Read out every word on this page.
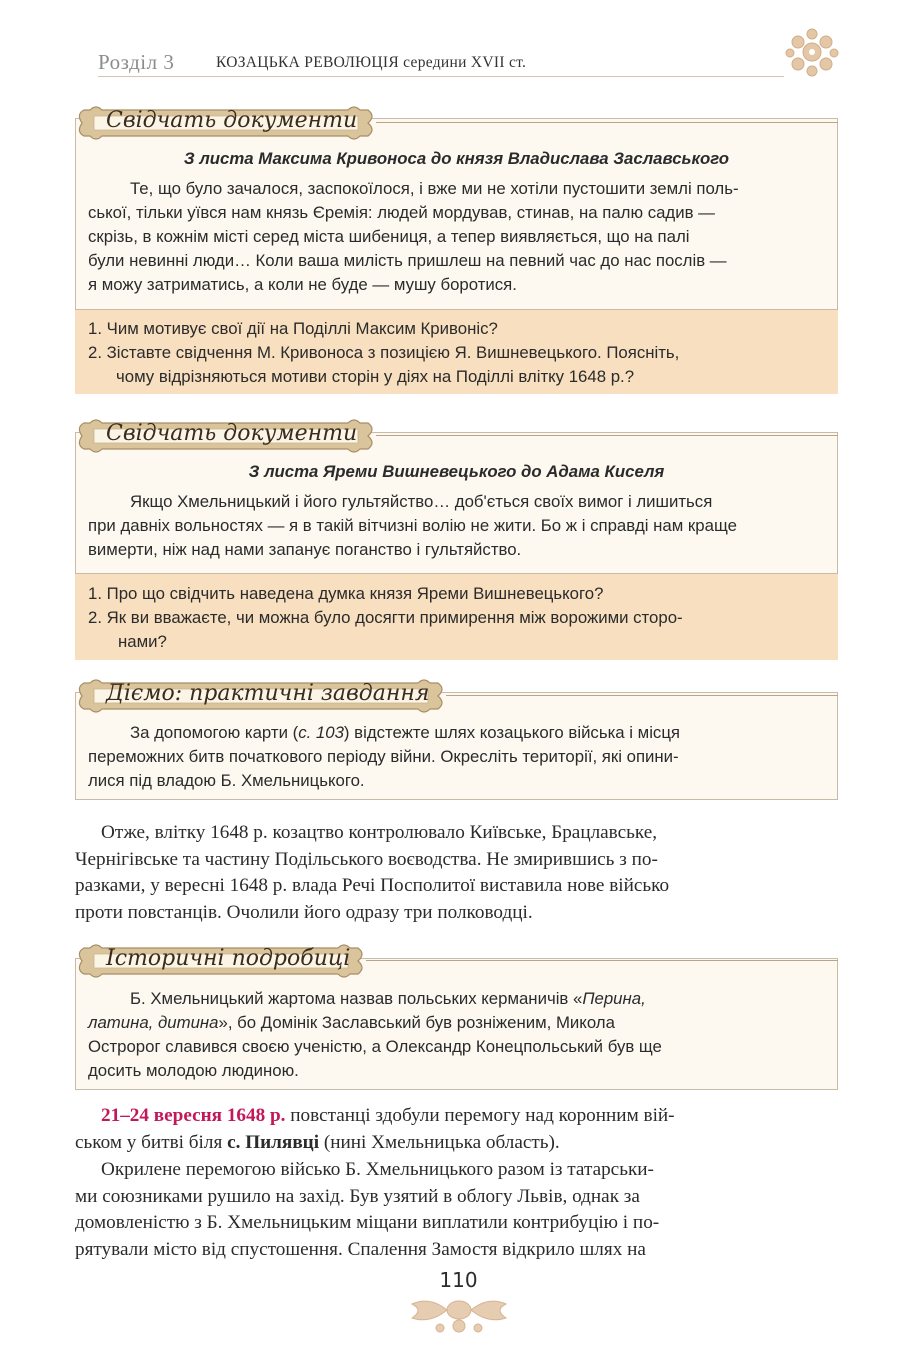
Розділ 3	КОЗАЦЬКА РЕВОЛЮЦІЯ середини XVII ст.
Свідчать документи
З листа Максима Кривоноса до князя Владислава Заславського
Те, що було зачалося, заспокоїлося, і вже ми не хотіли пустошити землі поль-
ської, тільки уївся нам князь Єремія: людей мордував, стинав, на палю садив —
скрізь, в кожнім місті серед міста шибениця, а тепер виявляється, що на палі
були невинні люди… Коли ваша милість пришлеш на певний час до нас послів —
я можу затриматись, а коли не буде — мушу боротися.
1. Чим мотивує свої дії на Поділлі Максим Кривоніс?
2. Зіставте свідчення М. Кривоноса з позицією Я. Вишневецького. Поясніть,
чому відрізняються мотиви сторін у діях на Поділлі влітку 1648 р.?
Свідчать документи
З листа Яреми Вишневецького до Адама Киселя
Якщо Хмельницький і його гультяйство… доб'ється своїх вимог і лишиться
при давніх вольностях — я в такій вітчизні волію не жити. Бо ж і справді нам краще
вимерти, ніж над нами запанує поганство і гультяйство.
1. Про що свідчить наведена думка князя Яреми Вишневецького?
2. Як ви вважаєте, чи можна було досягти примирення між ворожими сторо-
нами?
Діємо: практичні завдання
За допомогою карти (с. 103) відстежте шлях козацького війська і місця
переможних битв початкового періоду війни. Окресліть території, які опини-
лися під владою Б. Хмельницького.
Отже, влітку 1648 р. козацтво контролювало Київське, Брацлавське,
Чернігівське та частину Подільського воєводства. Не змирившись з по-
разками, у вересні 1648 р. влада Речі Посполитої виставила нове військо
проти повстанців. Очолили його одразу три полководці.
Історичні подробиці
Б. Хмельницький жартома назвав польських керманичів «Перина,
латина, дитина», бо Домінік Заславський був розніженим, Микола
Остророг славився своєю ученістю, а Олександр Конецпольський був ще
досить молодою людиною.
21–24 вересня 1648 р. повстанці здобули перемогу над коронним вій-
ськом у битві біля с. Пилявці (нині Хмельницька область).
Окрилене перемогою військо Б. Хмельницького разом із татарськи-
ми союзниками рушило на захід. Був узятий в облогу Львів, однак за
домовленістю з Б. Хмельницьким міщани виплатили контрибуцію і по-
рятували місто від спустошення. Спалення Замостя відкрило шлях на
110
